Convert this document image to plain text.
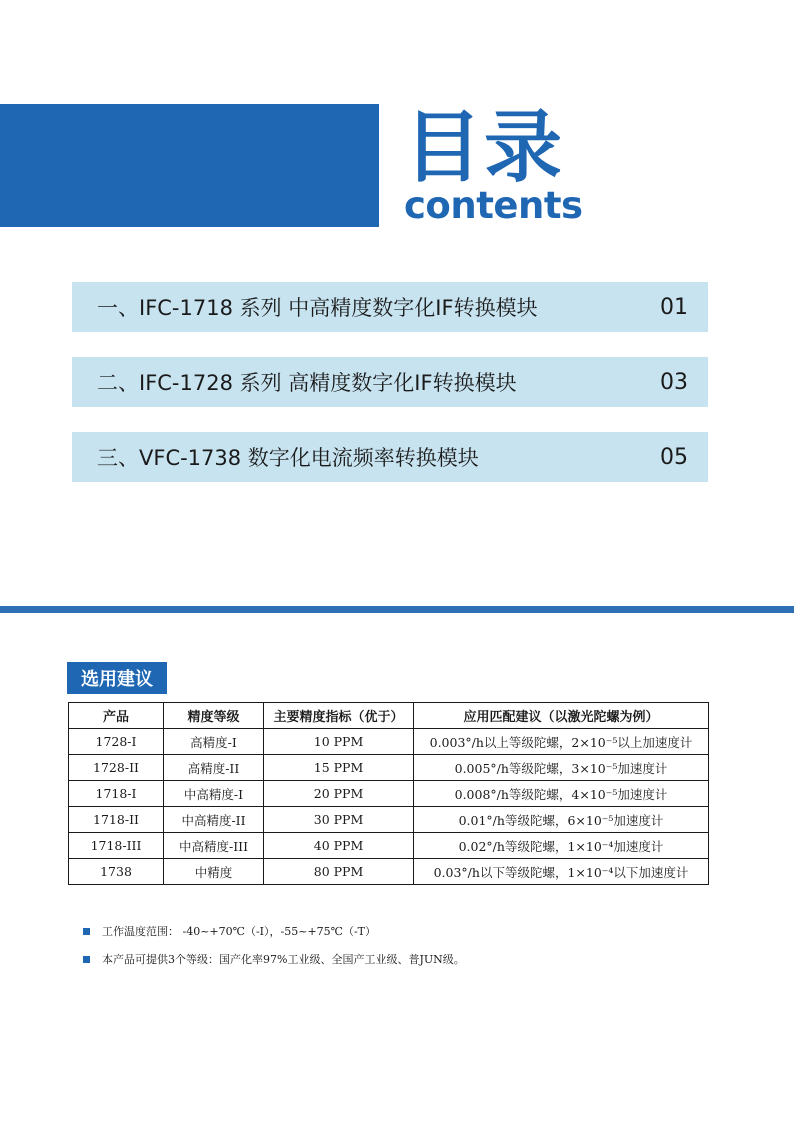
目录
contents
一、IFC-1718 系列 中高精度数字化IF转换模块	01
二、IFC-1728 系列 高精度数字化IF转换模块	03
三、VFC-1738 数字化电流频率转换模块	05
选用建议
产品	精度等级	主要精度指标（优于）	应用匹配建议（以激光陀螺为例）
1728-I	高精度-I	10 PPM	0.003°/h以上等级陀螺，2×10⁻⁵以上加速度计
1728-II	高精度-II	15 PPM	0.005°/h等级陀螺，3×10⁻⁵加速度计
1718-I	中高精度-I	20 PPM	0.008°/h等级陀螺，4×10⁻⁵加速度计
1718-II	中高精度-II	30 PPM	0.01°/h等级陀螺，6×10⁻⁵加速度计
1718-III	中高精度-III	40 PPM	0.02°/h等级陀螺，1×10⁻⁴加速度计
1738	中精度	80 PPM	0.03°/h以下等级陀螺，1×10⁻⁴以下加速度计
工作温度范围： -40~+70℃（-I），-55~+75℃（-T）
本产品可提供3个等级：国产化率97%工业级、全国产工业级、普JUN级。
